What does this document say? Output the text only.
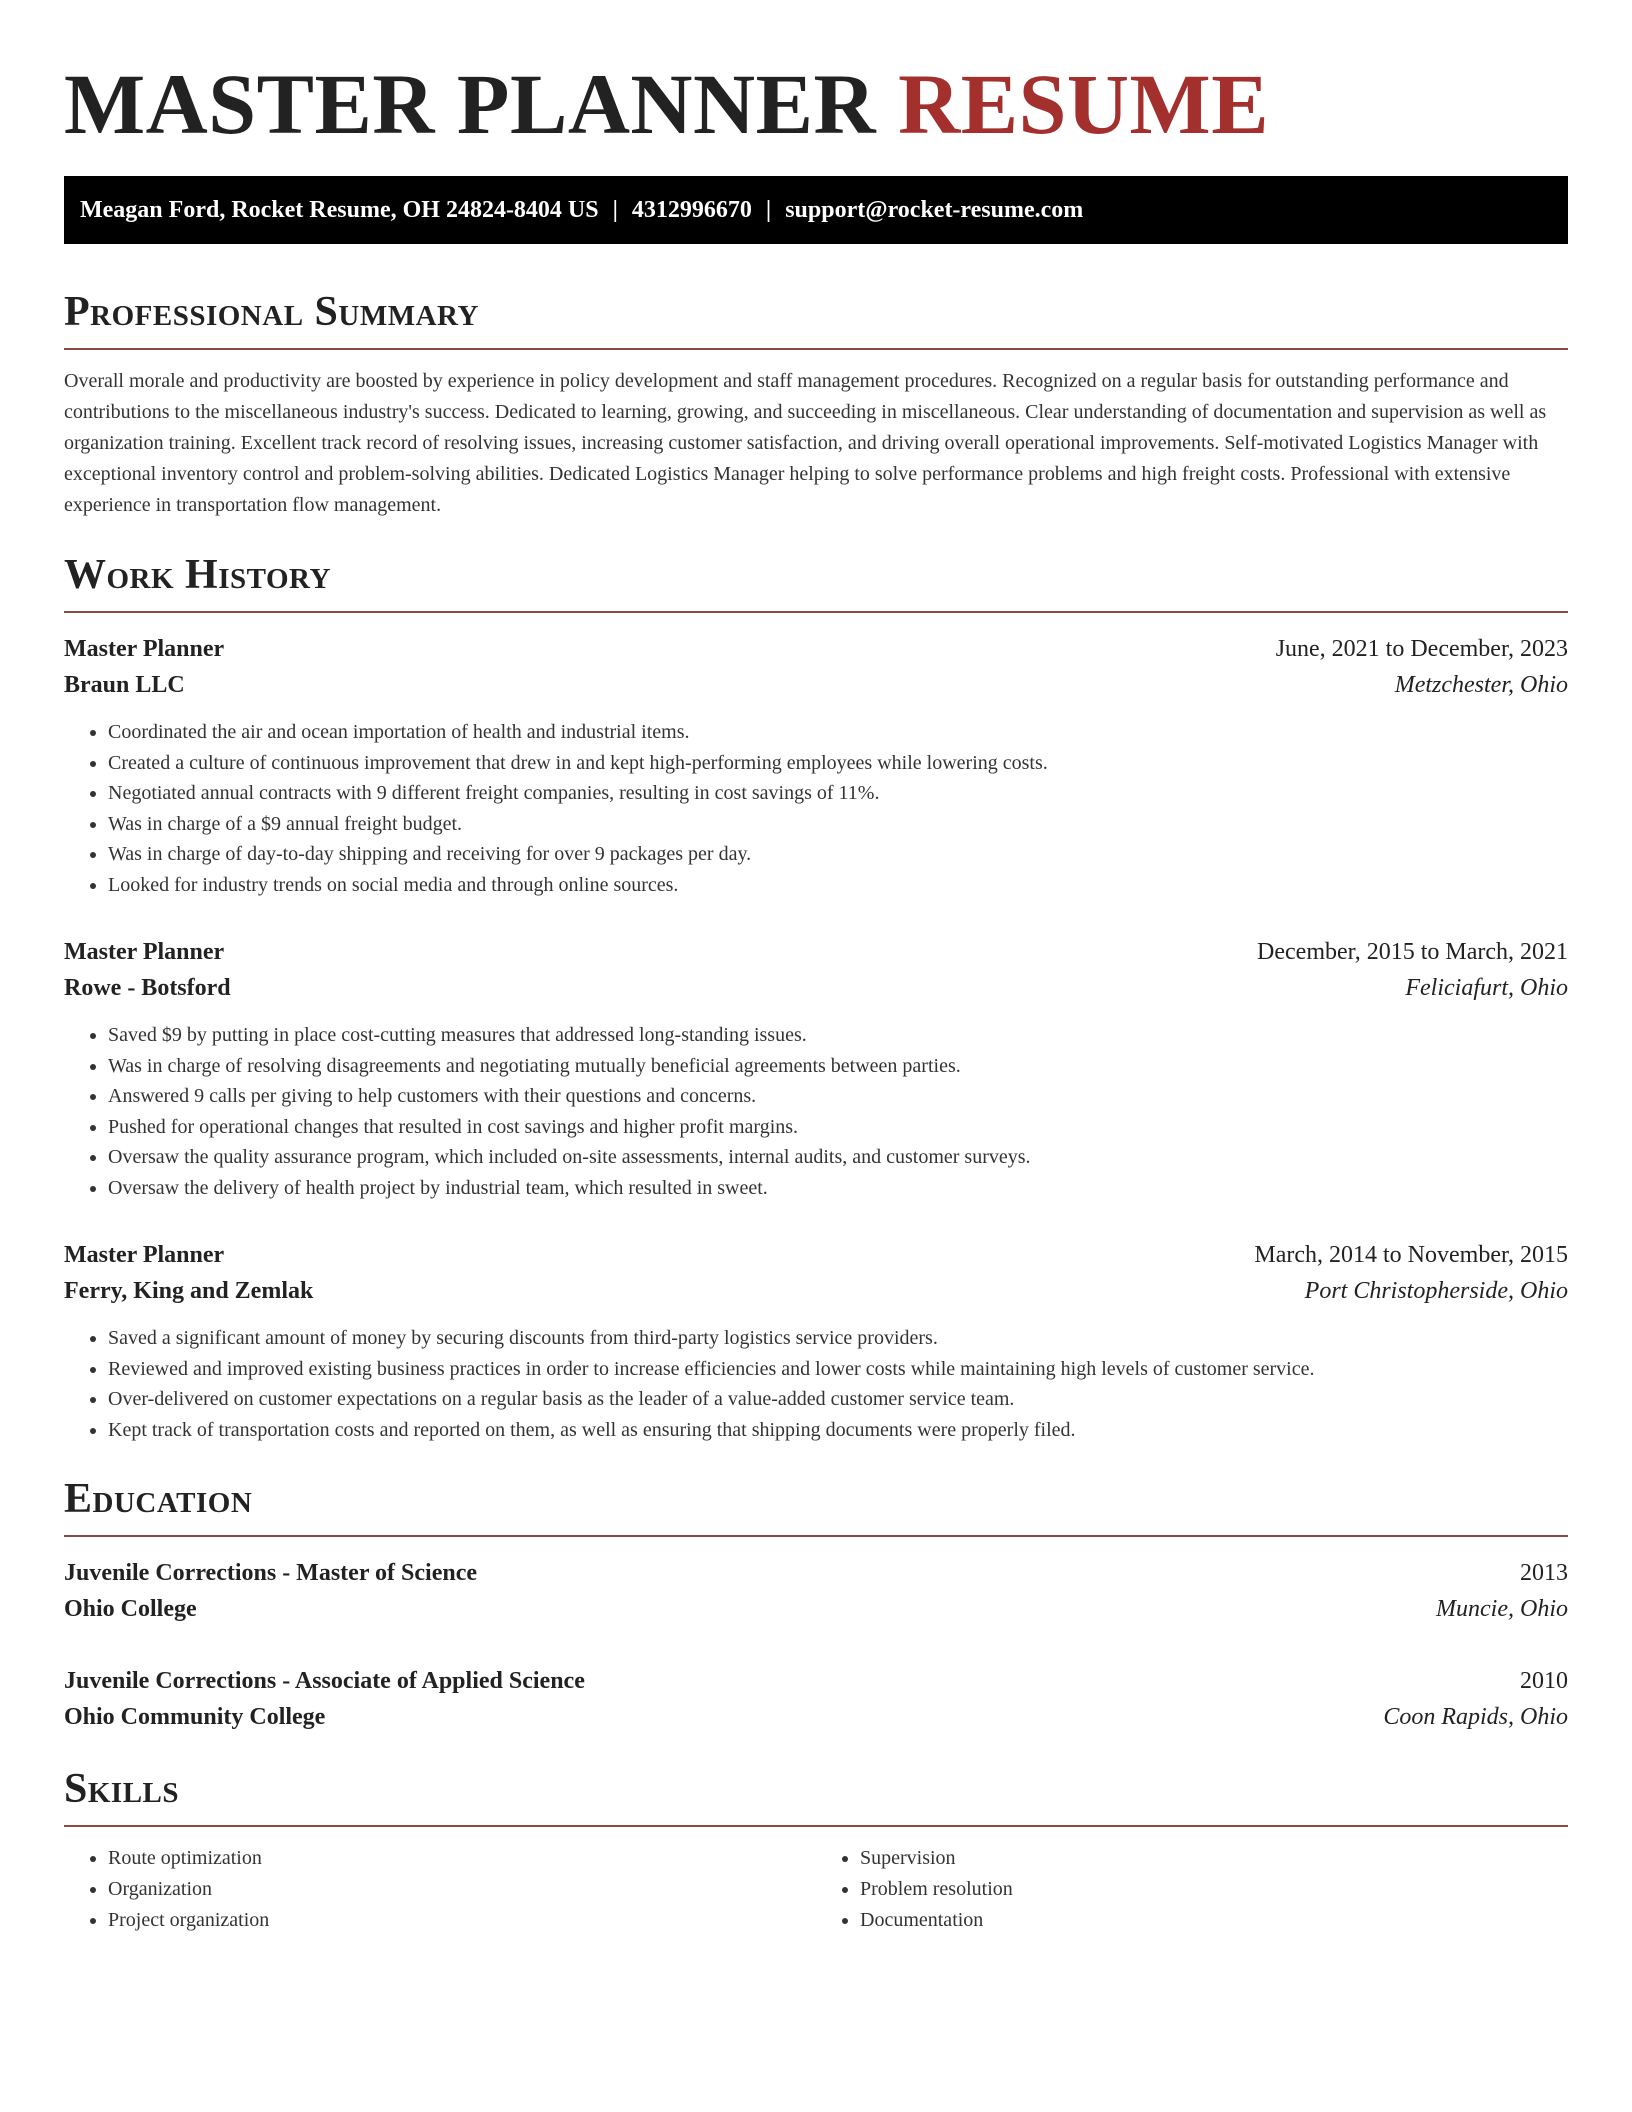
MASTER PLANNER RESUME
Meagan Ford, Rocket Resume, OH 24824-8404 US | 4312996670 | support@rocket-resume.com
Professional Summary

Overall morale and productivity are boosted by experience in policy development and staff management procedures. Recognized on a regular basis for outstanding performance and contributions to the miscellaneous industry's success. Dedicated to learning, growing, and succeeding in miscellaneous. Clear understanding of documentation and supervision as well as organization training. Excellent track record of resolving issues, increasing customer satisfaction, and driving overall operational improvements. Self-motivated Logistics Manager with exceptional inventory control and problem-solving abilities. Dedicated Logistics Manager helping to solve performance problems and high freight costs. Professional with extensive experience in transportation flow management.

Work History
Master Planner	June, 2021 to December, 2023
Braun LLC	Metzchester, Ohio
• Coordinated the air and ocean importation of health and industrial items.
• Created a culture of continuous improvement that drew in and kept high-performing employees while lowering costs.
• Negotiated annual contracts with 9 different freight companies, resulting in cost savings of 11%.
• Was in charge of a $9 annual freight budget.
• Was in charge of day-to-day shipping and receiving for over 9 packages per day.
• Looked for industry trends on social media and through online sources.
Master Planner	December, 2015 to March, 2021
Rowe - Botsford	Feliciafurt, Ohio
• Saved $9 by putting in place cost-cutting measures that addressed long-standing issues.
• Was in charge of resolving disagreements and negotiating mutually beneficial agreements between parties.
• Answered 9 calls per giving to help customers with their questions and concerns.
• Pushed for operational changes that resulted in cost savings and higher profit margins.
• Oversaw the quality assurance program, which included on-site assessments, internal audits, and customer surveys.
• Oversaw the delivery of health project by industrial team, which resulted in sweet.
Master Planner	March, 2014 to November, 2015
Ferry, King and Zemlak	Port Christopherside, Ohio
• Saved a significant amount of money by securing discounts from third-party logistics service providers.
• Reviewed and improved existing business practices in order to increase efficiencies and lower costs while maintaining high levels of customer service.
• Over-delivered on customer expectations on a regular basis as the leader of a value-added customer service team.
• Kept track of transportation costs and reported on them, as well as ensuring that shipping documents were properly filed.
Education
Juvenile Corrections - Master of Science	2013
Ohio College	Muncie, Ohio
Juvenile Corrections - Associate of Applied Science	2010
Ohio Community College	Coon Rapids, Ohio
Skills
• Route optimization
• Organization
• Project organization
• Supervision
• Problem resolution
• Documentation
